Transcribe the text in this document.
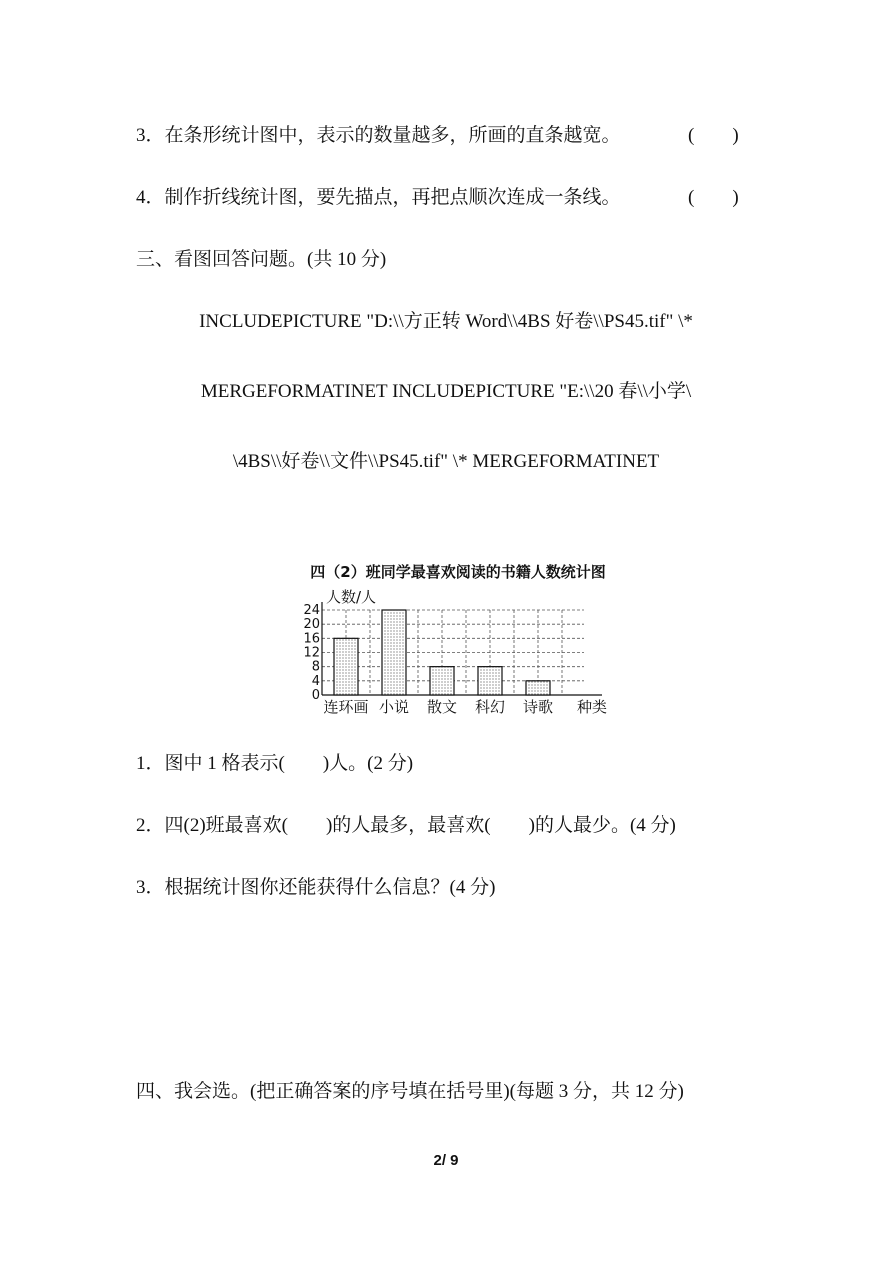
3．在条形统计图中，表示的数量越多，所画的直条越宽。	(　　)
4．制作折线统计图，要先描点，再把点顺次连成一条线。	(　　)
三、看图回答问题。(共 10 分)
INCLUDEPICTURE "D:\\方正转 Word\\4BS 好卷\\PS45.tif" \*
MERGEFORMATINET INCLUDEPICTURE "E:\\20 春\\小学\
\4BS\\好卷\\文件\\PS45.tif" \* MERGEFORMATINET
四（2）班同学最喜欢阅读的书籍人数统计图
人数/人
0
4
8
12
16
20
24
连环画 小说 散文 科幻 诗歌 种类
1．图中 1 格表示(　　)人。(2 分)
2．四(2)班最喜欢(　　)的人最多，最喜欢(　　)的人最少。(4 分)
3．根据统计图你还能获得什么信息？(4 分)
四、我会选。(把正确答案的序号填在括号里)(每题 3 分，共 12 分)
2/ 9
